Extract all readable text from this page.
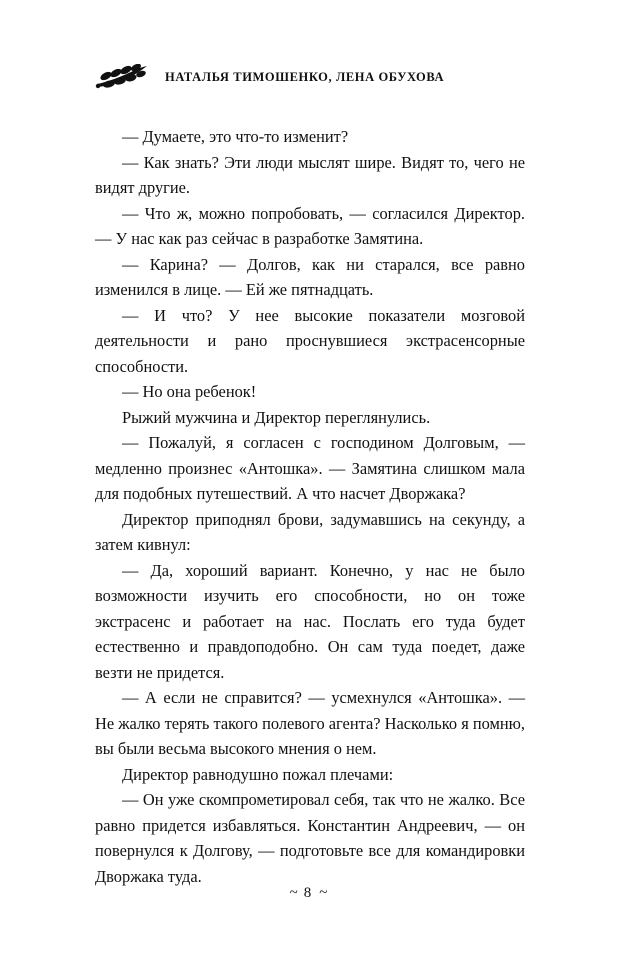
НАТАЛЬЯ ТИМОШЕНКО, ЛЕНА ОБУХОВА

— Думаете, это что-то изменит?

— Как знать? Эти люди мыслят шире. Видят то, чего не видят другие.

— Что ж, можно попробовать, — согласился Директор. — У нас как раз сейчас в разработке Замятина.

— Карина? — Долгов, как ни старался, все равно изменился в лице. — Ей же пятнадцать.

— И что? У нее высокие показатели мозговой деятельности и рано проснувшиеся экстрасенсорные способности.

— Но она ребенок!

Рыжий мужчина и Директор переглянулись.

— Пожалуй, я согласен с господином Долговым, — медленно произнес «Антошка». — Замятина слишком мала для подобных путешествий. А что насчет Дворжака?

Директор приподнял брови, задумавшись на секунду, а затем кивнул:

— Да, хороший вариант. Конечно, у нас не было возможности изучить его способности, но он тоже экстрасенс и работает на нас. Послать его туда будет естественно и правдоподобно. Он сам туда поедет, даже везти не придется.

— А если не справится? — усмехнулся «Антошка». — Не жалко терять такого полевого агента? Насколько я помню, вы были весьма высокого мнения о нем.

Директор равнодушно пожал плечами:

— Он уже скомпрометировал себя, так что не жалко. Все равно придется избавляться. Константин Андреевич, — он повернулся к Долгову, — подготовьте все для командировки Дворжака туда.

~ 8 ~
